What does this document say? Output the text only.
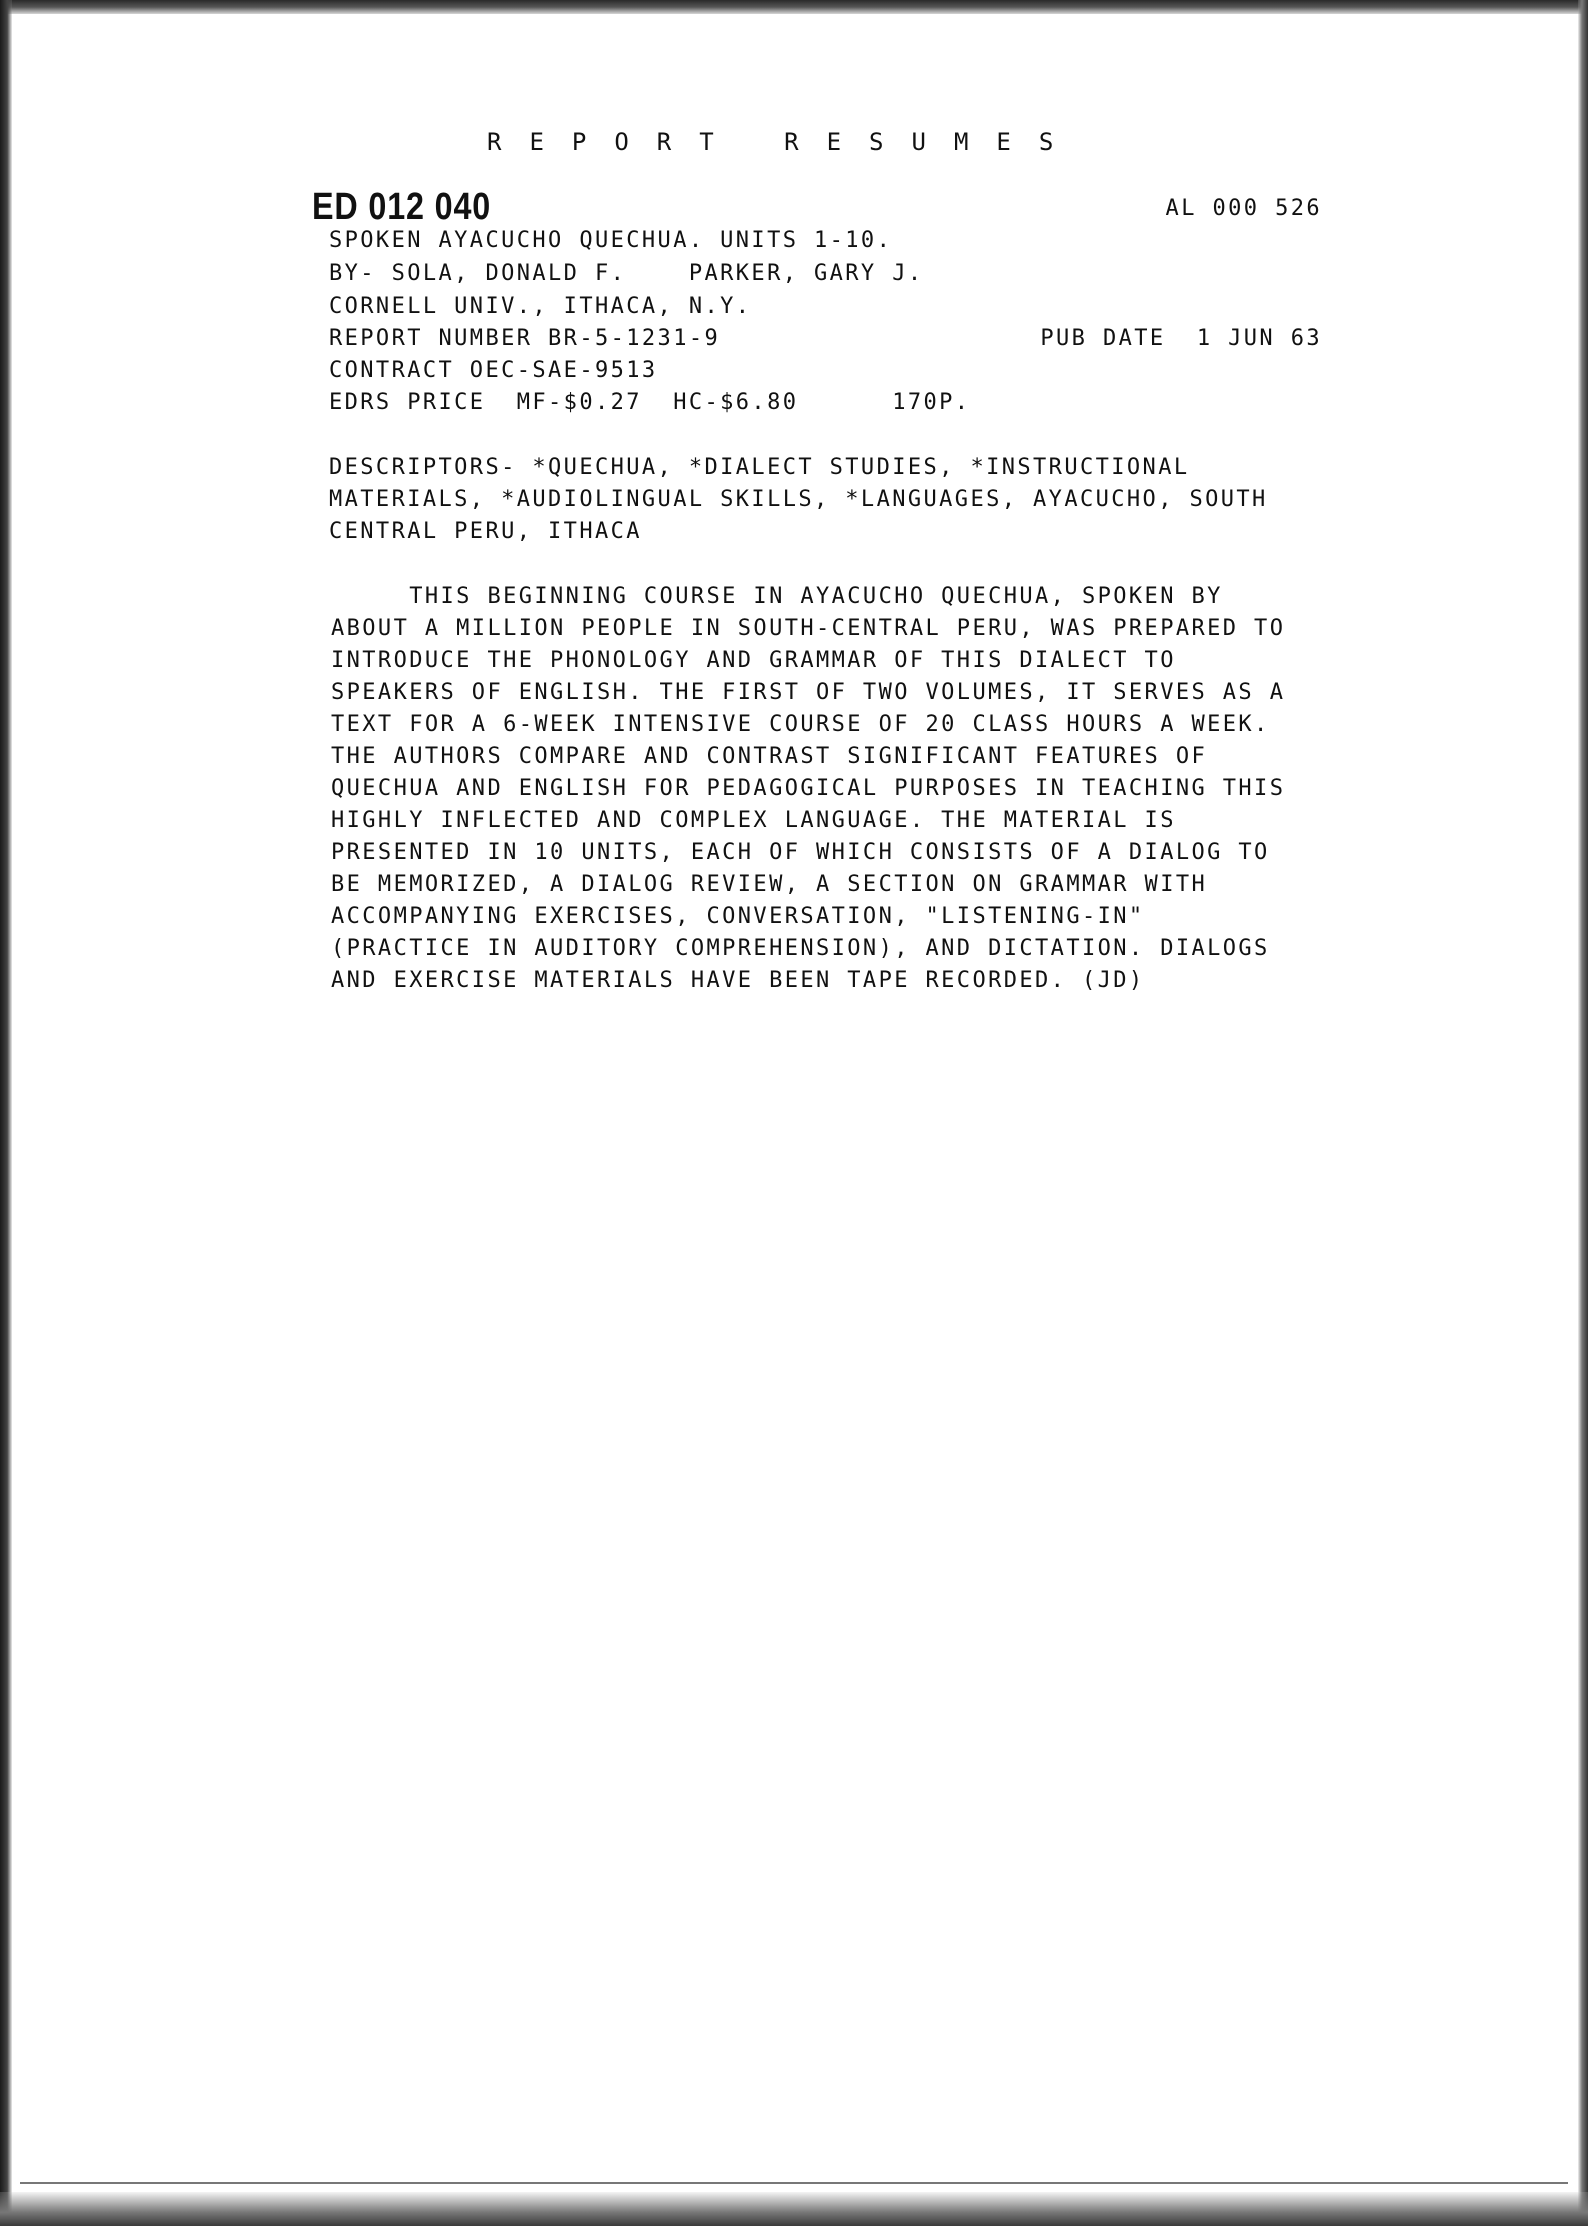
REPORT RESUMES
ED 012 040	AL 000 526
SPOKEN AYACUCHO QUECHUA. UNITS 1-10.
BY- SOLA, DONALD F.    PARKER, GARY J.
CORNELL UNIV., ITHACA, N.Y.
REPORT NUMBER BR-5-1231-9	PUB DATE  1 JUN 63
CONTRACT OEC-SAE-9513
EDRS PRICE  MF-$0.27  HC-$6.80      170P.
DESCRIPTORS- *QUECHUA, *DIALECT STUDIES, *INSTRUCTIONAL
MATERIALS, *AUDIOLINGUAL SKILLS, *LANGUAGES, AYACUCHO, SOUTH
CENTRAL PERU, ITHACA
THIS BEGINNING COURSE IN AYACUCHO QUECHUA, SPOKEN BY
ABOUT A MILLION PEOPLE IN SOUTH-CENTRAL PERU, WAS PREPARED TO
INTRODUCE THE PHONOLOGY AND GRAMMAR OF THIS DIALECT TO
SPEAKERS OF ENGLISH. THE FIRST OF TWO VOLUMES, IT SERVES AS A
TEXT FOR A 6-WEEK INTENSIVE COURSE OF 20 CLASS HOURS A WEEK.
THE AUTHORS COMPARE AND CONTRAST SIGNIFICANT FEATURES OF
QUECHUA AND ENGLISH FOR PEDAGOGICAL PURPOSES IN TEACHING THIS
HIGHLY INFLECTED AND COMPLEX LANGUAGE. THE MATERIAL IS
PRESENTED IN 10 UNITS, EACH OF WHICH CONSISTS OF A DIALOG TO
BE MEMORIZED, A DIALOG REVIEW, A SECTION ON GRAMMAR WITH
ACCOMPANYING EXERCISES, CONVERSATION, "LISTENING-IN"
(PRACTICE IN AUDITORY COMPREHENSION), AND DICTATION. DIALOGS
AND EXERCISE MATERIALS HAVE BEEN TAPE RECORDED. (JD)
